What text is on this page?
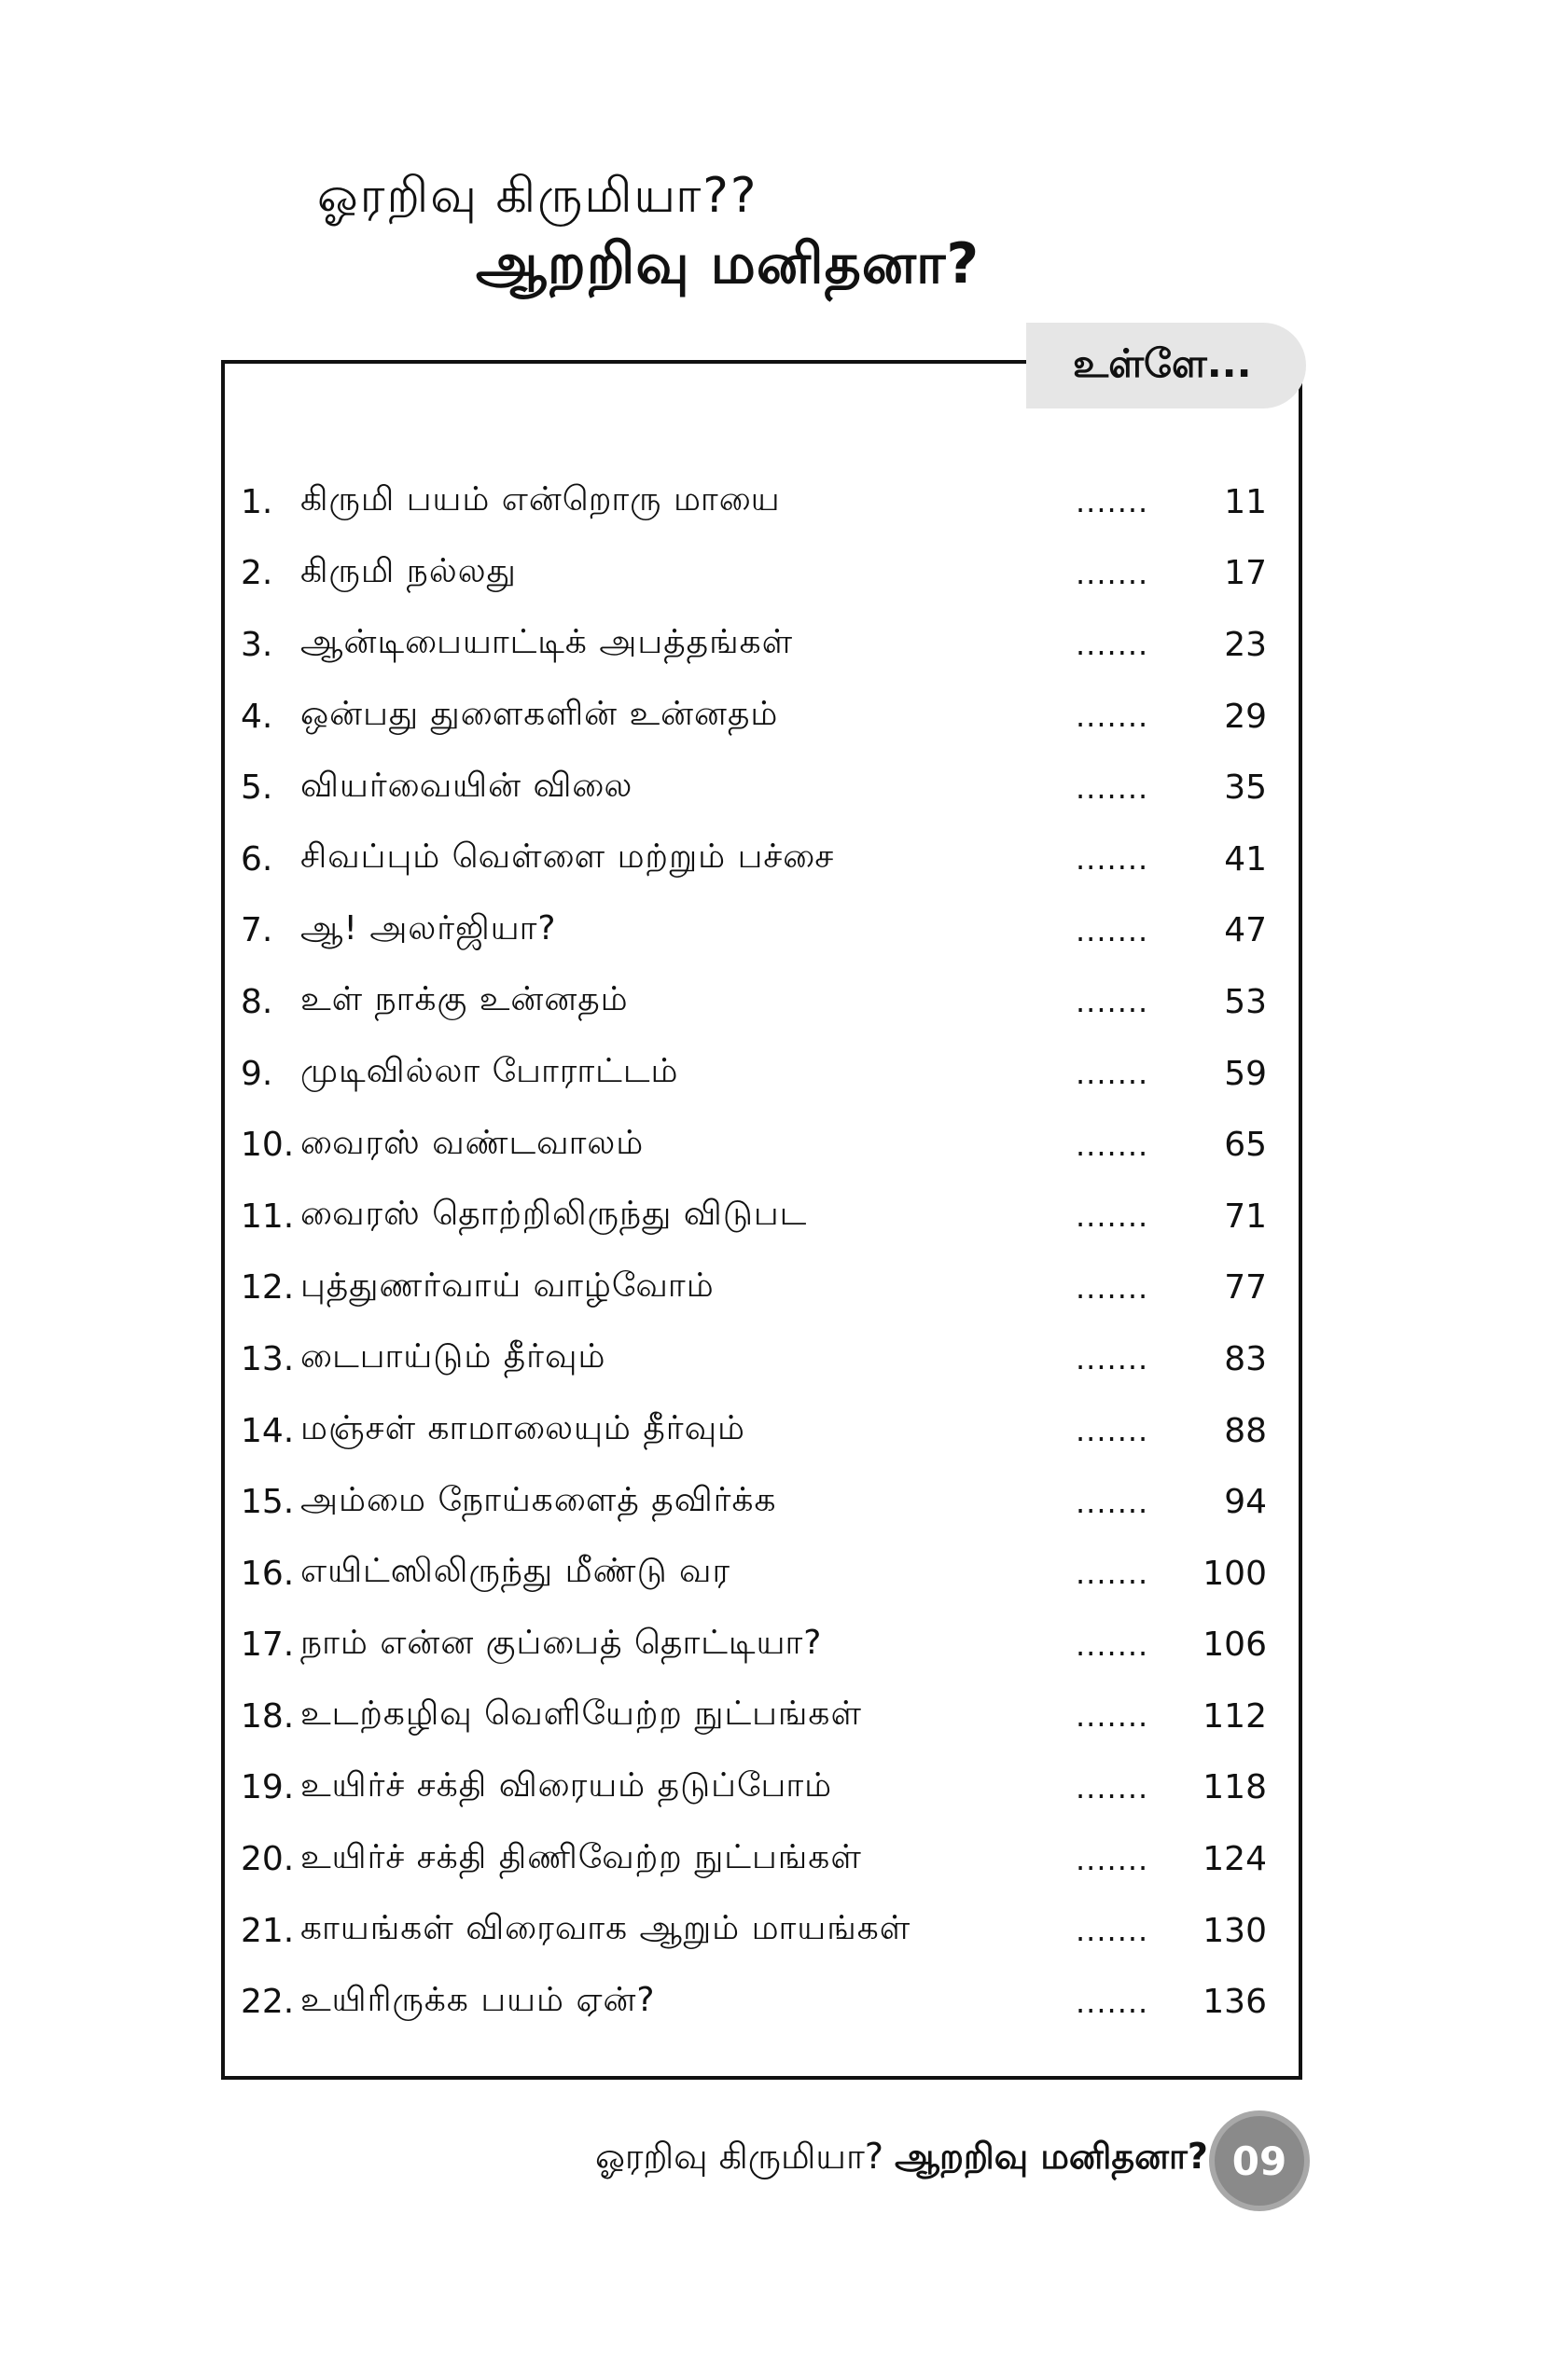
ஓரறிவு கிருமியா??
ஆறறிவு மனிதனா?
உள்ளே...
1. கிருமி பயம் என்றொரு மாயை	.......	11
2. கிருமி நல்லது	.......	17
3. ஆன்டிபையாட்டிக் அபத்தங்கள்	.......	23
4. ஒன்பது துளைகளின் உன்னதம்	.......	29
5. வியர்வையின் விலை	.......	35
6. சிவப்பும் வெள்ளை மற்றும் பச்சை	.......	41
7. ஆ! அலர்ஜியா?	.......	47
8. உள் நாக்கு உன்னதம்	.......	53
9. முடிவில்லா போராட்டம்	.......	59
10. வைரஸ் வண்டவாலம்	.......	65
11. வைரஸ் தொற்றிலிருந்து விடுபட	.......	71
12. புத்துணர்வாய் வாழ்வோம்	.......	77
13. டைபாய்டும் தீர்வும்	.......	83
14. மஞ்சள் காமாலையும் தீர்வும்	.......	88
15. அம்மை நோய்களைத் தவிர்க்க	.......	94
16. எயிட்ஸிலிருந்து மீண்டு வர	.......	100
17. நாம் என்ன குப்பைத் தொட்டியா?	.......	106
18. உடற்கழிவு வெளியேற்ற நுட்பங்கள்	.......	112
19. உயிர்ச் சக்தி விரையம் தடுப்போம்	.......	118
20. உயிர்ச் சக்தி திணிவேற்ற நுட்பங்கள்	.......	124
21. காயங்கள் விரைவாக ஆறும் மாயங்கள்	.......	130
22. உயிரிருக்க பயம் ஏன்?	.......	136
ஓரறிவு கிருமியா? ஆறறிவு மனிதனா? 09
